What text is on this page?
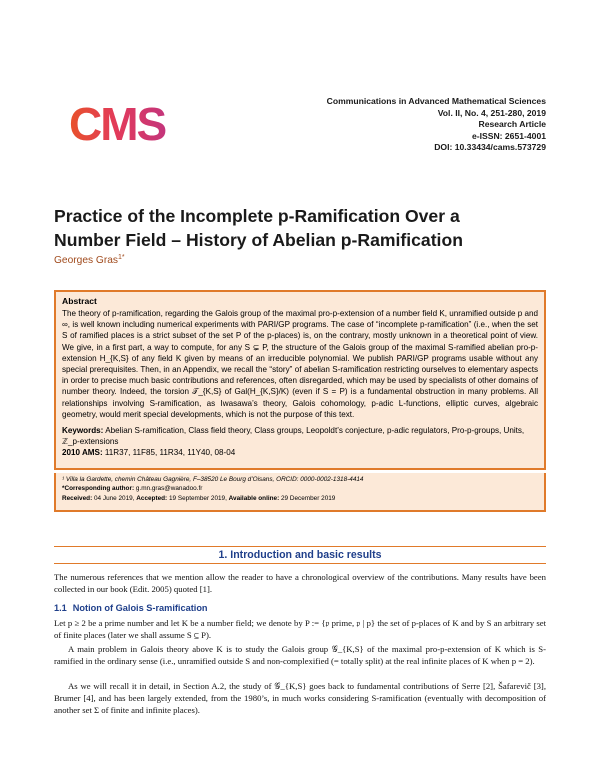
CMS	Communications in Advanced Mathematical Sciences
Vol. II, No. 4, 251-280, 2019
Research Article
e-ISSN: 2651-4001
DOI: 10.33434/cams.573729
Practice of the Incomplete p-Ramification Over a
Number Field – History of Abelian p-Ramification
Georges Gras$^{1*}$
Abstract
The theory of p-ramification, regarding the Galois group of the maximal pro-p-extension of a number field K, unramified outside p and ∞, is well known including numerical experiments with PARI/GP programs. The case of “incomplete p-ramification” (i.e., when the set S of ramified places is a strict subset of the set P of the p-places) is, on the contrary, mostly unknown in a theoretical point of view. We give, in a first part, a way to compute, for any S ⊊ P, the structure of the Galois group of the maximal S-ramified abelian pro-p-extension H_{K,S} of any field K given by means of an irreducible polynomial. We publish PARI/GP programs usable without any special prerequisites. Then, in an Appendix, we recall the “story” of abelian S-ramification restricting ourselves to elementary aspects in order to precise much basic contributions and references, often disregarded, which may be used by specialists of other domains of number theory. Indeed, the torsion 𝒯_{K,S} of Gal(H_{K,S}/K) (even if S = P) is a fundamental obstruction in many problems. All relationships involving S-ramification, as Iwasawa’s theory, Galois cohomology, p-adic L-functions, elliptic curves, algebraic geometry, would merit special developments, which is not the purpose of this text.
Keywords: Abelian S-ramification, Class field theory, Class groups, Leopoldt’s conjecture, p-adic regulators, Pro-p-groups, Units, ℤ_p-extensions
2010 AMS: 11R37, 11F85, 11R34, 11Y40, 08-04
¹ Villa la Gardette, chemin Château Gagnière, F–38520 Le Bourg d’Oisans, ORCID: 0000-0002-1318-4414
*Corresponding author: g.mn.gras@wanadoo.fr
Received: 04 June 2019, Accepted: 19 September 2019, Available online: 29 December 2019
1. Introduction and basic results

The numerous references that we mention allow the reader to have a chronological overview of the contributions. Many results have been collected in our book (Edit. 2005) quoted [1].

1.1 Notion of Galois S-ramification

Let p ≥ 2 be a prime number and let K be a number field; we denote by P := {𝔭 prime, 𝔭 | p} the set of p-places of K and by S an arbitrary set of finite places (later we shall assume S ⊆ P).

A main problem in Galois theory above K is to study the Galois group 𝒢_{K,S} of the maximal pro-p-extension of K which is S-ramified in the ordinary sense (i.e., unramified outside S and non-complexified (= totally split) at the real infinite places of K when p = 2).

As we will recall it in detail, in Section A.2, the study of 𝒢_{K,S} goes back to fundamental contributions of Serre [2], Šafarevič [3], Brumer [4], and has been largely extended, from the 1980’s, in much works considering S-ramification (eventually with decomposition of another set Σ of finite and infinite places).
